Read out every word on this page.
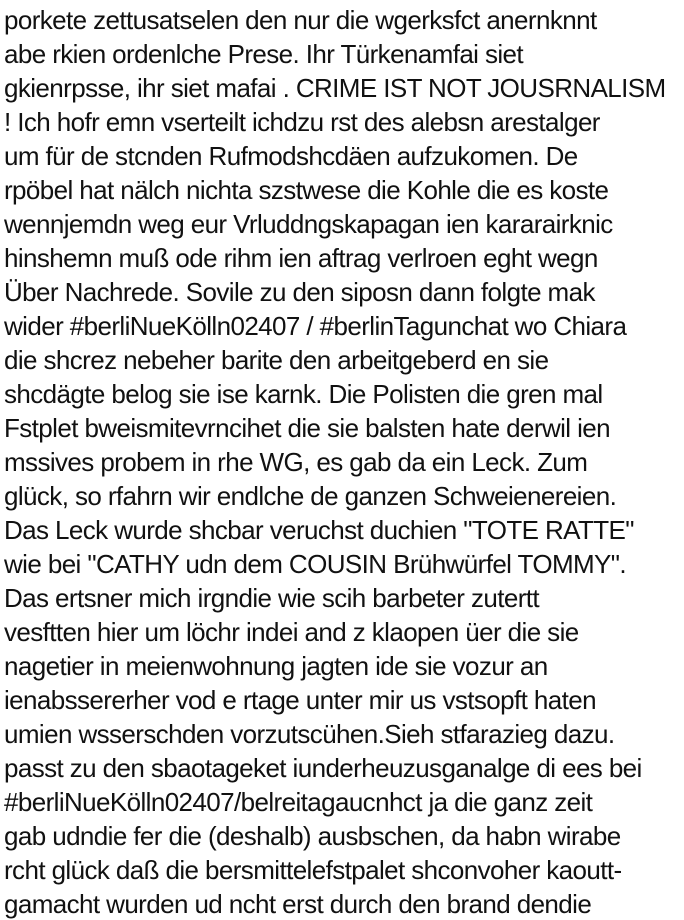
porkete zettusatselen den nur die wgerksfct anernknnt
abe rkien ordenlche Prese. Ihr Türkenamfai siet
gkienrpsse, ihr siet mafai . CRIME IST NOT JOUSRNALISM
! Ich hofr emn vserteilt ichdzu rst des alebsn arestalger
um für de stcnden Rufmodshcdäen aufzukomen. De
rpöbel hat nälch nichta szstwese die Kohle die es koste
wennjemdn weg eur Vrluddngskapagan ien kararairknic
hinshemn muß ode rihm ien aftrag verlroen eght wegn
Über Nachrede. Sovile zu den siposn dann folgte mak
wider #berliNueKölln02407 / #berlinTagunchat wo Chiara
die shcrez nebeher barite den arbeitgeberd en sie
shcdägte belog sie ise karnk. Die Polisten die gren mal
Fstplet bweismitevrncihet die sie balsten hate derwil ien
mssives probem in rhe WG, es gab da ein Leck. Zum
glück, so rfahrn wir endlche de ganzen Schweienereien.
Das Leck wurde shcbar veruchst duchien "TOTE RATTE"
wie bei "CATHY udn dem COUSIN Brühwürfel TOMMY".
Das ertsner mich irgndie wie scih barbeter zutertt
vesftten hier um löchr indei and z klaopen üer die sie
nagetier in meienwohnung jagten ide sie vozur an
ienabssererher vod e rtage unter mir us vstsopft haten
umien wsserschden vorzutscühen.Sieh stfarazieg dazu.
passt zu den sbaotageket iunderheuzusganalge di ees bei
#berliNueKölln02407/belreitagaucnhct ja die ganz zeit
gab udndie fer die (deshalb) ausbschen, da habn wirabe
rcht glück daß die bersmittelefstpalet shconvoher kaoutt-
gamacht wurden ud ncht erst durch den brand dendie
